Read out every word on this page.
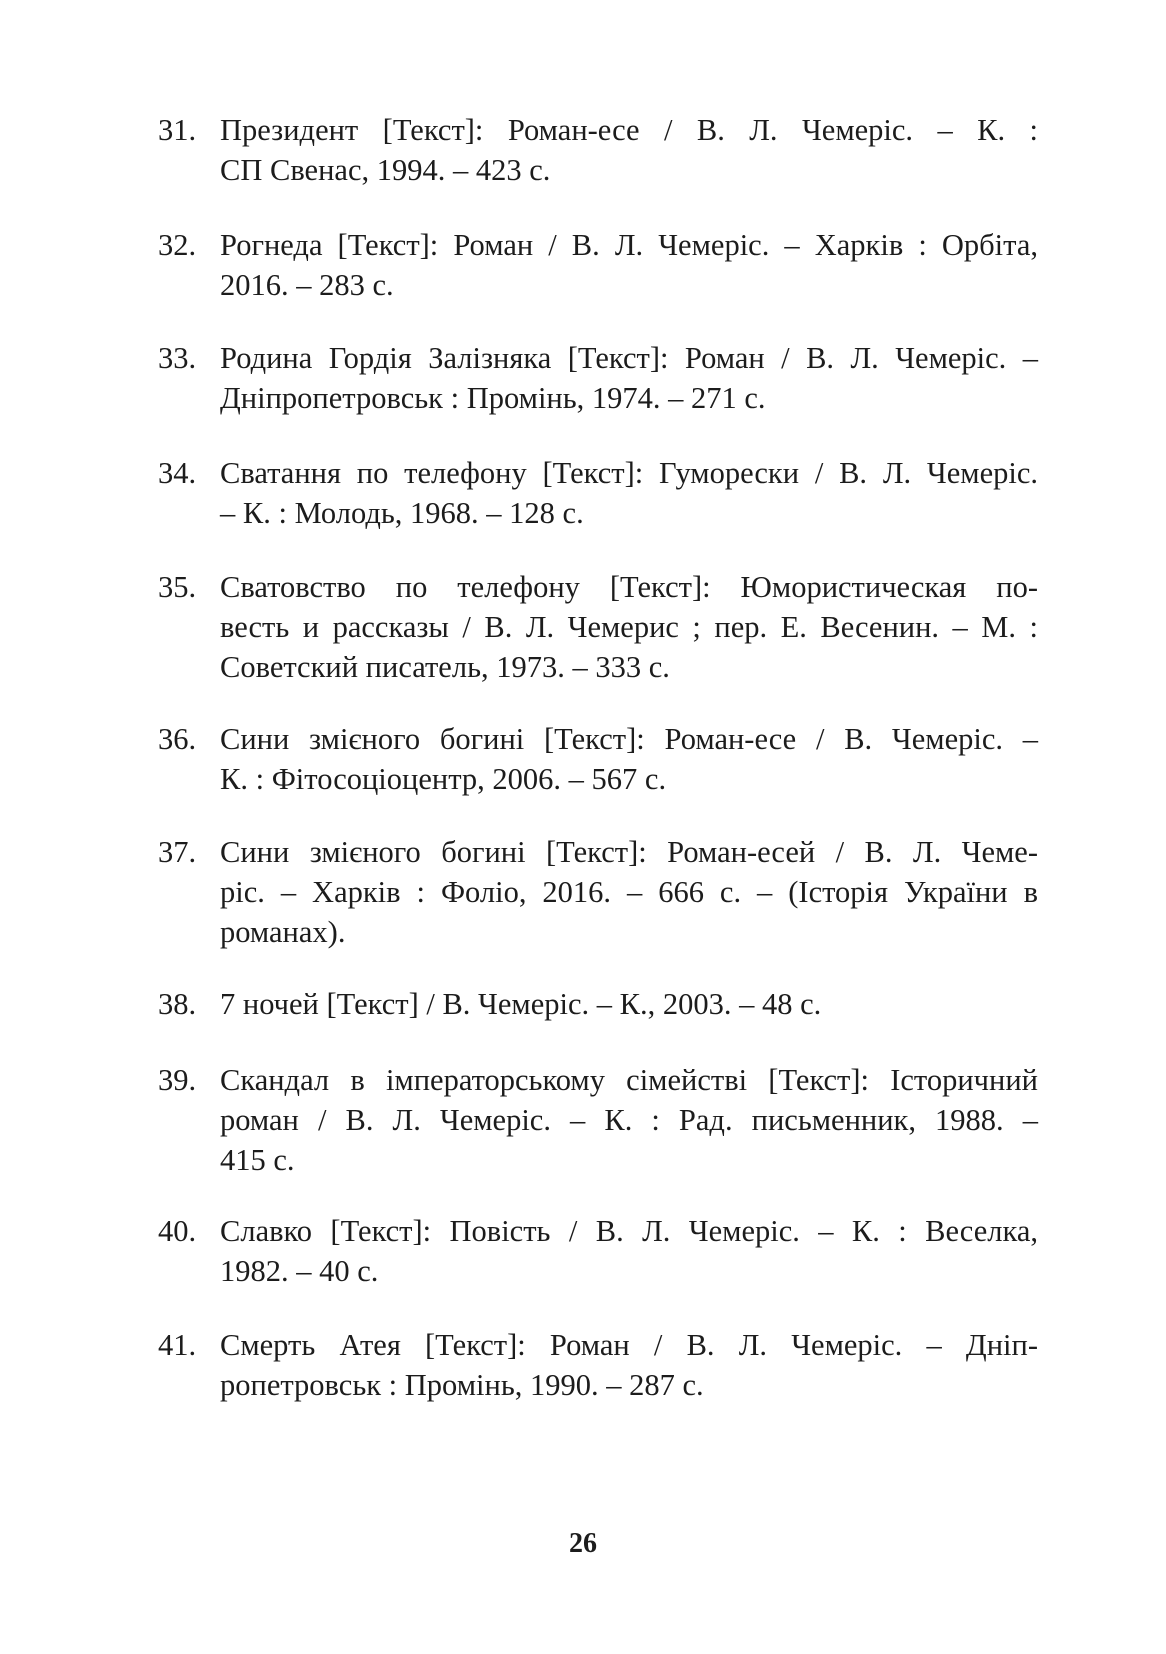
31. Президент [Текст]: Роман-есе / В. Л. Чемеріс. – К. :
СП Свенас, 1994. – 423 с.
32. Рогнеда [Текст]: Роман / В. Л. Чемеріс. – Харків : Орбіта,
2016. – 283 с.
33. Родина Гордія Залізняка [Текст]: Роман / В. Л. Чемеріс. –
Дніпропетровськ : Промінь, 1974. – 271 с.
34. Сватання по телефону [Текст]: Гуморески / В. Л. Чемеріс.
– К. : Молодь, 1968. – 128 с.
35. Сватовство по телефону [Текст]: Юмористическая по-
весть и рассказы / В. Л. Чемерис ; пер. Е. Весенин. – М. :
Советский писатель, 1973. – 333 с.
36. Сини змієного богині [Текст]: Роман-есе / В. Чемеріс. –
К. : Фітосоціоцентр, 2006. – 567 с.
37. Сини змієного богині [Текст]: Роман-есей / В. Л. Чеме-
ріс. – Харків : Фоліо, 2016. – 666 с. – (Історія України в
романах).
38. 7 ночей [Текст] / В. Чемеріс. – К., 2003. – 48 с.
39. Скандал в імператорському сімействі [Текст]: Історичний
роман / В. Л. Чемеріс. – К. : Рад. письменник, 1988. –
415 с.
40. Славко [Текст]: Повість / В. Л. Чемеріс. – К. : Веселка,
1982. – 40 с.
41. Смерть Атея [Текст]: Роман / В. Л. Чемеріс. – Дніп-
ропетровськ : Промінь, 1990. – 287 с.
26
